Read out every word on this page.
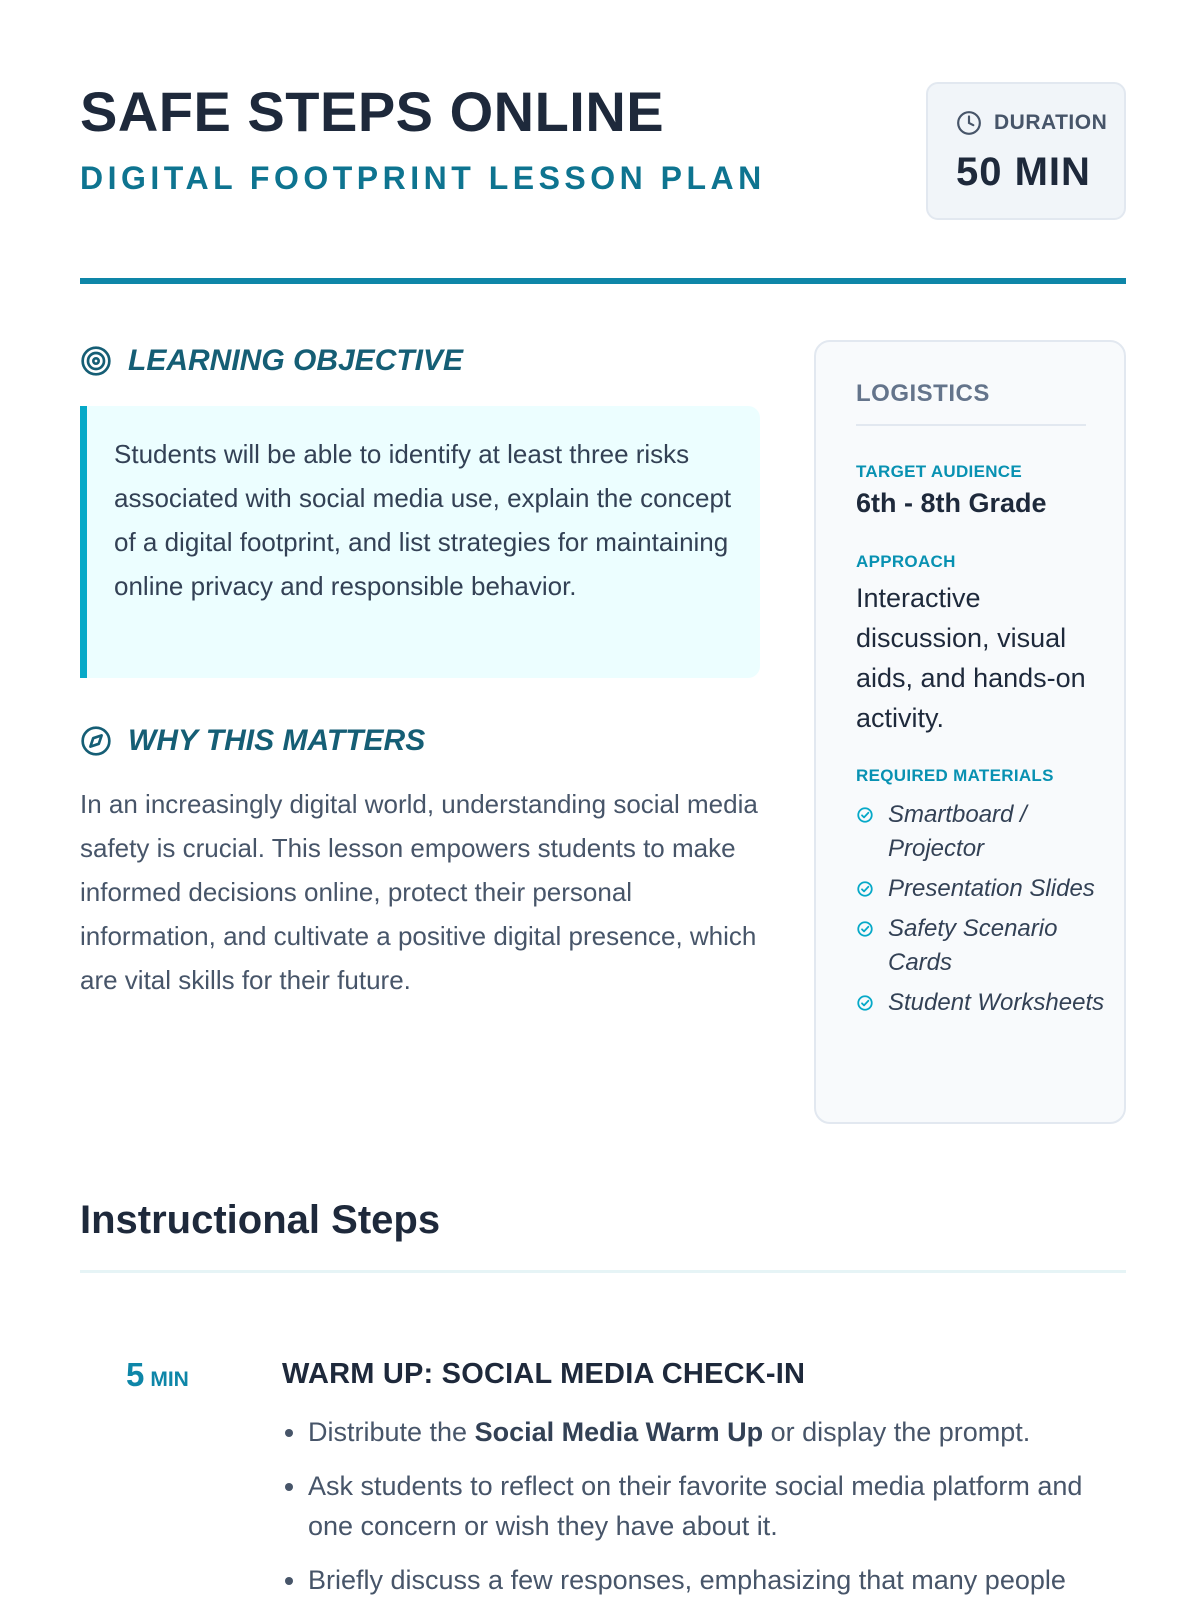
SAFE STEPS ONLINE
DIGITAL FOOTPRINT LESSON PLAN
DURATION
50 MIN
LEARNING OBJECTIVE
Students will be able to identify at least three risks associated with social media use, explain the concept of a digital footprint, and list strategies for maintaining online privacy and responsible behavior.
WHY THIS MATTERS
In an increasingly digital world, understanding social media safety is crucial. This lesson empowers students to make informed decisions online, protect their personal information, and cultivate a positive digital presence, which are vital skills for their future.
LOGISTICS
TARGET AUDIENCE
6th - 8th Grade
APPROACH
Interactive discussion, visual aids, and hands-on activity.
REQUIRED MATERIALS
Smartboard / Projector
Presentation Slides
Safety Scenario Cards
Student Worksheets
Instructional Steps
5 MIN	WARM UP: SOCIAL MEDIA CHECK-IN
• Distribute the Social Media Warm Up or display the prompt.
• Ask students to reflect on their favorite social media platform and one concern or wish they have about it.
• Briefly discuss a few responses, emphasizing that many people
